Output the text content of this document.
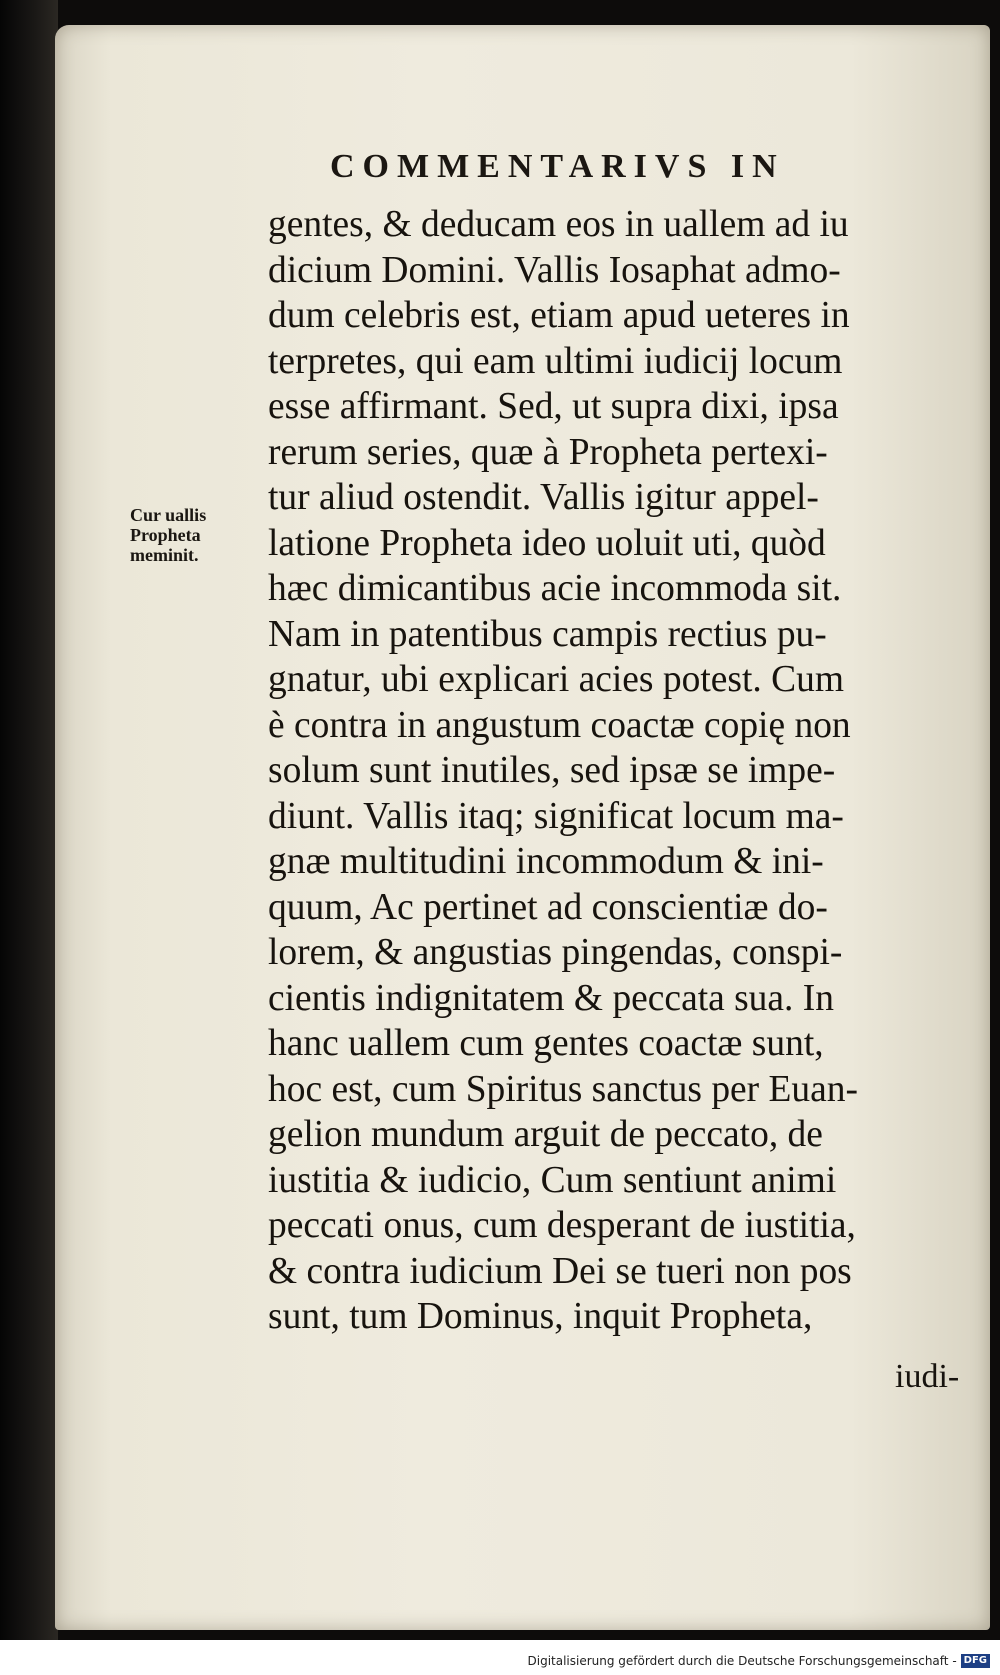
COMMENTARIVS IN
Cur uallis
Propheta
meminit.
gentes, & deducam eos in uallem ad iu
dicium Domini. Vallis Iosaphat admo-
dum celebris est, etiam apud ueteres in
terpretes, qui eam ultimi iudicij locum
esse affirmant. Sed, ut supra dixi, ipsa
rerum series, quæ à Propheta pertexi-
tur aliud ostendit. Vallis igitur appel-
latione Propheta ideo uoluit uti, quòd
hæc dimicantibus acie incommoda sit.
Nam in patentibus campis rectius pu-
gnatur, ubi explicari acies potest. Cum
è contra in angustum coactæ copię non
solum sunt inutiles, sed ipsæ se impe-
diunt. Vallis itaq; significat locum ma-
gnæ multitudini incommodum & ini-
quum, Ac pertinet ad conscientiæ do-
lorem, & angustias pingendas, conspi-
cientis indignitatem & peccata sua. In
hanc uallem cum gentes coactæ sunt,
hoc est, cum Spiritus sanctus per Euan-
gelion mundum arguit de peccato, de
iustitia & iudicio, Cum sentiunt animi
peccati onus, cum desperant de iustitia,
& contra iudicium Dei se tueri non pos
sunt, tum Dominus, inquit Propheta,
iudi-
Digitalisierung gefördert durch die Deutsche Forschungsgemeinschaft - DFG
